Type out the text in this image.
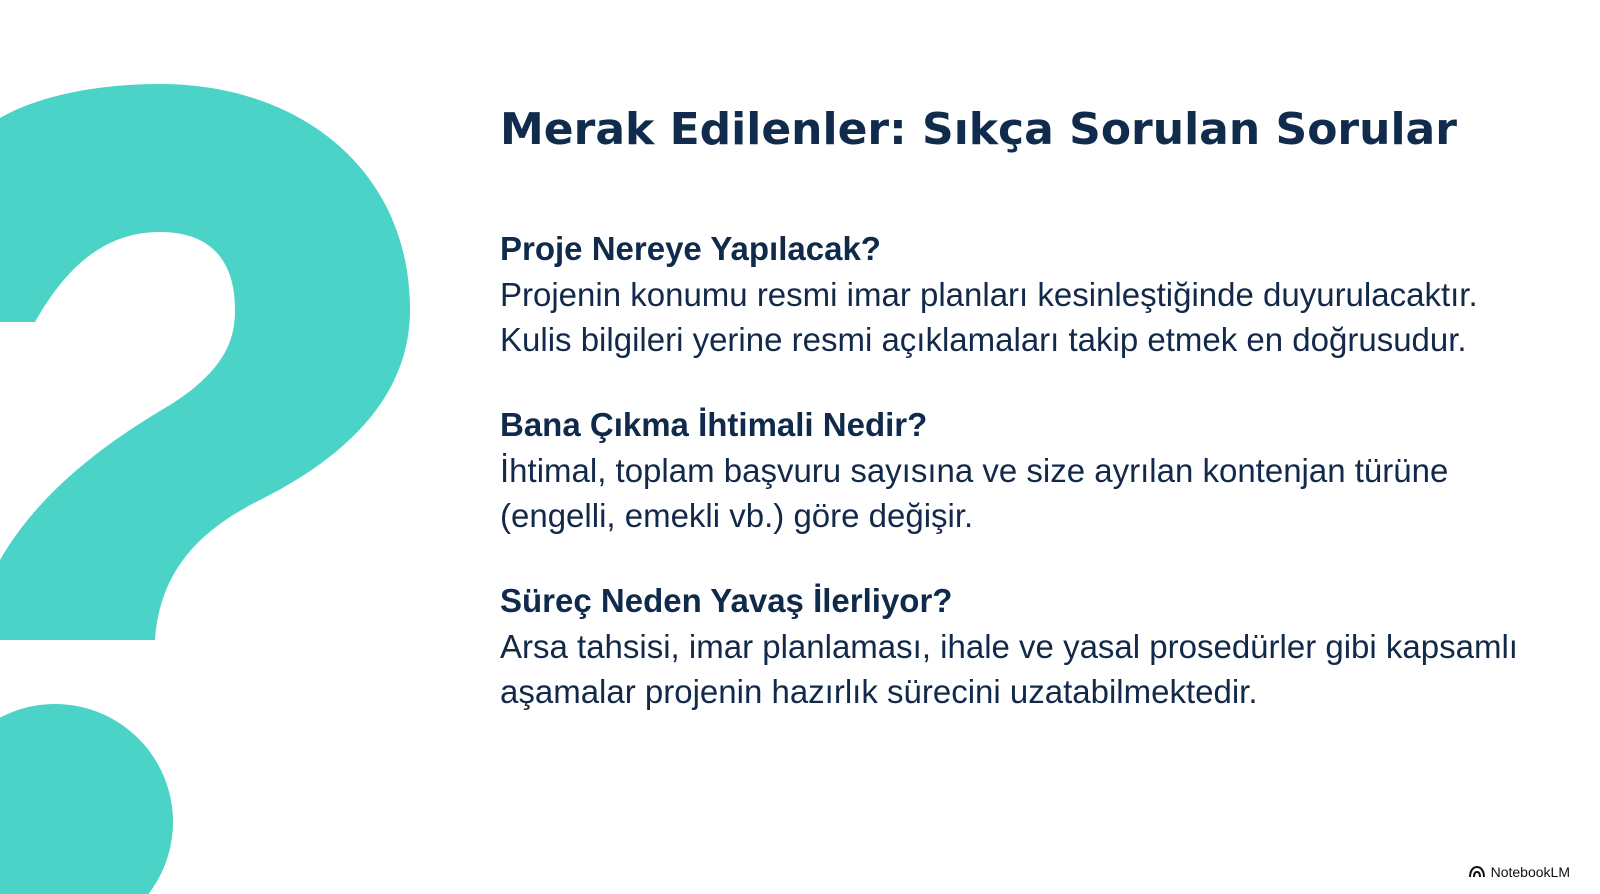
Merak Edilenler: Sıkça Sorulan Sorular

Proje Nereye Yapılacak?

Projenin konumu resmi imar planları kesinleştiğinde duyurulacaktır. Kulis bilgileri yerine resmi açıklamaları takip etmek en doğrusudur.

Bana Çıkma İhtimali Nedir?

İhtimal, toplam başvuru sayısına ve size ayrılan kontenjan türüne (engelli, emekli vb.) göre değişir.

Süreç Neden Yavaş İlerliyor?

Arsa tahsisi, imar planlaması, ihale ve yasal prosedürler gibi kapsamlı aşamalar projenin hazırlık sürecini uzatabilmektedir.

NotebookLM
